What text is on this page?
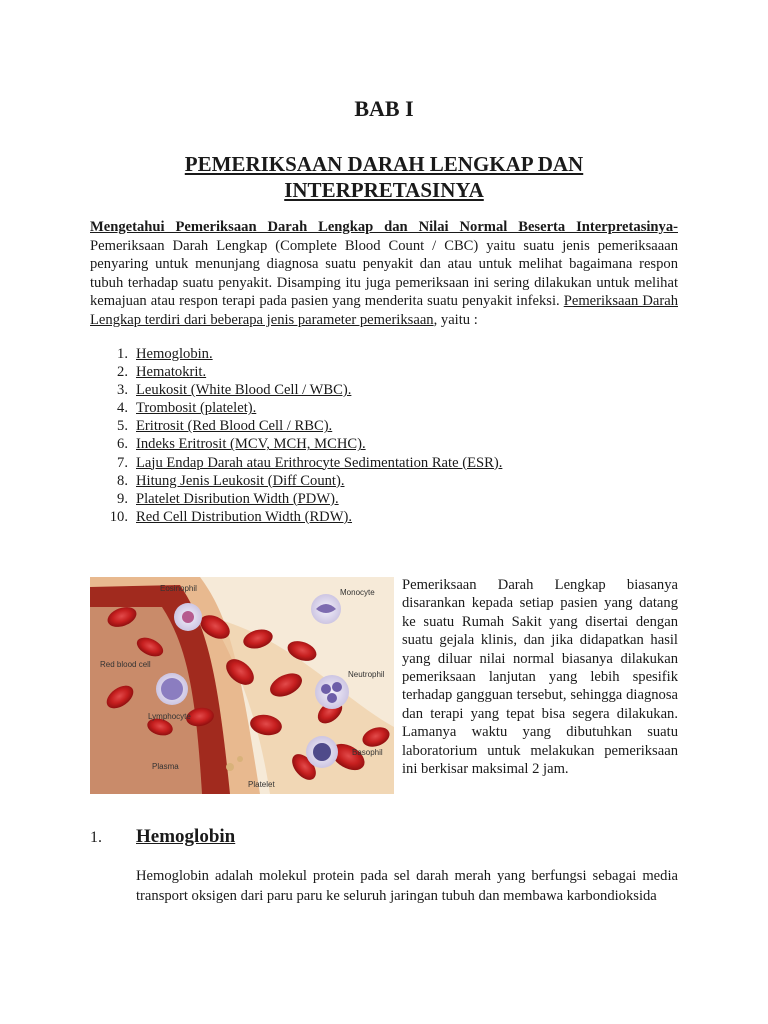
BAB I
PEMERIKSAAN DARAH LENGKAP DAN
INTERPRETASINYA

Mengetahui Pemeriksaan Darah Lengkap dan Nilai Normal Beserta Interpretasinya- Pemeriksaan Darah Lengkap (Complete Blood Count / CBC) yaitu suatu jenis pemeriksaaan penyaring untuk menunjang diagnosa suatu penyakit dan atau untuk melihat bagaimana respon tubuh terhadap suatu penyakit. Disamping itu juga pemeriksaan ini sering dilakukan untuk melihat kemajuan atau respon terapi pada pasien yang menderita suatu penyakit infeksi. Pemeriksaan Darah Lengkap terdiri dari beberapa jenis parameter pemeriksaan, yaitu :

1. Hemoglobin.
2. Hematokrit.
3. Leukosit (White Blood Cell / WBC).
4. Trombosit (platelet).
5. Eritrosit (Red Blood Cell / RBC).
6. Indeks Eritrosit (MCV, MCH, MCHC).
7. Laju Endap Darah atau Erithrocyte Sedimentation Rate (ESR).
8. Hitung Jenis Leukosit (Diff Count).
9. Platelet Disribution Width (PDW).
10. Red Cell Distribution Width (RDW).
Eosinophil	Monocyte
Red blood cell
Neutrophil
Lymphocyte
Basophil
Plasma
Platelet

Pemeriksaan Darah Lengkap biasanya disarankan kepada setiap pasien yang datang ke suatu Rumah Sakit yang disertai dengan suatu gejala klinis, dan jika didapatkan hasil yang diluar nilai normal biasanya dilakukan pemeriksaan lanjutan yang lebih spesifik terhadap gangguan tersebut, sehingga diagnosa dan terapi yang tepat bisa segera dilakukan. Lamanya waktu yang dibutuhkan suatu laboratorium untuk melakukan pemeriksaan ini berkisar maksimal 2 jam.

1. Hemoglobin

Hemoglobin adalah molekul protein pada sel darah merah yang berfungsi sebagai media transport oksigen dari paru paru ke seluruh jaringan tubuh dan membawa karbondioksida
